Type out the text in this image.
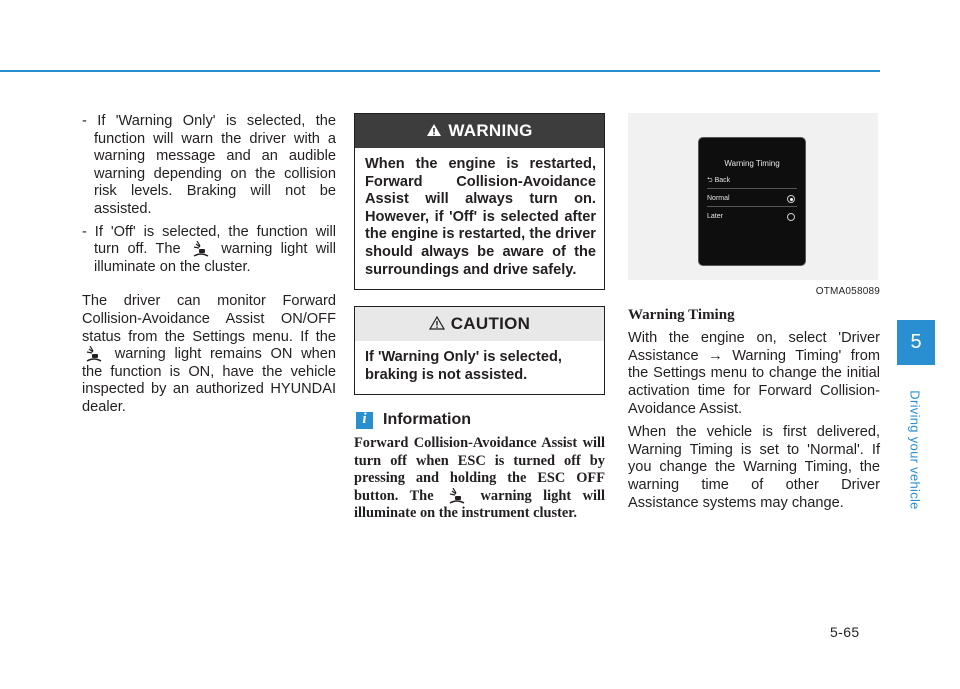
- If 'Warning Only' is selected, the function will warn the driver with a warning message and an audible warning depending on the collision risk levels. Braking will not be assisted.

- If 'Off' is selected, the function will turn off. The	warning light will illuminate on the cluster.

The driver can monitor Forward Collision-Avoidance Assist ON/OFF status from the Settings menu. If the  warning light remains ON when the function is ON, have the vehicle inspected by an authorized HYUNDAI dealer.

WARNING
When the engine is restarted, Forward Collision-Avoidance Assist will always turn on. However, if 'Off' is selected after the engine is restarted, the driver should always be aware of the surroundings and drive safely.
CAUTION
If 'Warning Only' is selected, braking is not assisted.
i	Information
Forward Collision-Avoidance Assist will turn off when ESC is turned off by pressing and holding the ESC OFF button. The	warning light will illuminate on the instrument cluster.
Warning Timing
⮌ Back
Normal
Later
OTMA058089
Warning Timing

With the engine on, select 'Driver Assistance → Warning Timing' from the Settings menu to change the initial activation time for Forward Collision-Avoidance Assist.

When the vehicle is first delivered, Warning Timing is set to 'Normal'. If you change the Warning Timing, the warning time of other Driver Assistance systems may change.

5
Driving your vehicle
5-65
